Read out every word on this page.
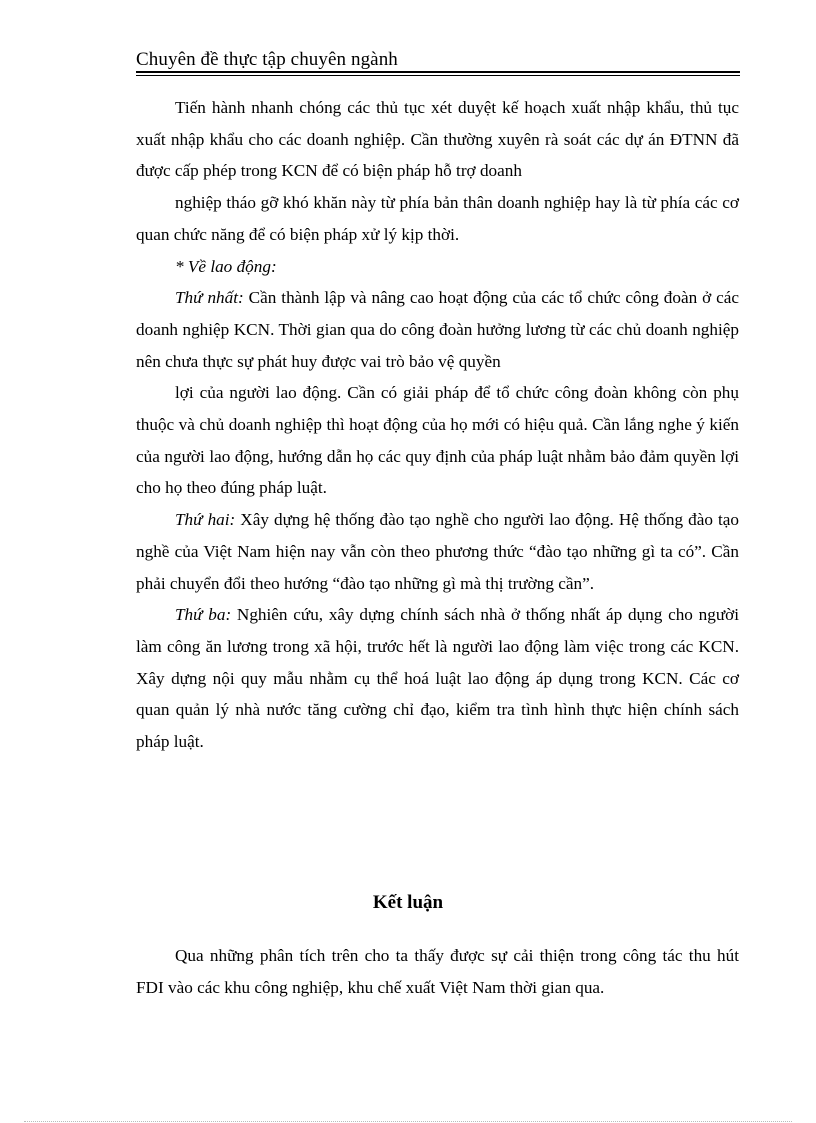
Chuyên đề thực tập chuyên ngành

Tiến hành nhanh chóng các thủ tục xét duyệt kế hoạch xuất nhập khẩu, thủ tục xuất nhập khẩu cho các doanh nghiệp. Cần thường xuyên rà soát các dự án ĐTNN đã được cấp phép trong KCN để có biện pháp hỗ trợ doanh

nghiệp tháo gỡ khó khăn này từ phía bản thân doanh nghiệp hay là từ phía các cơ quan chức năng để có biện pháp xử lý kịp thời.

* Về lao động:

Thứ nhất: Cần thành lập và nâng cao hoạt động của các tổ chức công đoàn ở các doanh nghiệp KCN. Thời gian qua do công đoàn hưởng lương từ các chủ doanh nghiệp nên chưa thực sự phát huy được vai trò bảo vệ quyền

lợi của người lao động. Cần có giải pháp để tổ chức công đoàn không còn phụ thuộc và chủ doanh nghiệp thì hoạt động của họ mới có hiệu quả. Cần lắng nghe ý kiến của người lao động, hướng dẫn họ các quy định của pháp luật nhằm bảo đảm quyền lợi cho họ theo đúng pháp luật.

Thứ hai: Xây dựng hệ thống đào tạo nghề cho người lao động. Hệ thống đào tạo nghề của Việt Nam hiện nay vẫn còn theo phương thức “đào tạo những gì ta có”. Cần phải chuyển đổi theo hướng “đào tạo những gì mà thị trường cần”.

Thứ ba: Nghiên cứu, xây dựng chính sách nhà ở thống nhất áp dụng cho người làm công ăn lương trong xã hội, trước hết là người lao động làm việc trong các KCN. Xây dựng nội quy mẫu nhằm cụ thể hoá luật lao động áp dụng trong KCN. Các cơ quan quản lý nhà nước tăng cường chỉ đạo, kiểm tra tình hình thực hiện chính sách pháp luật.

Kết luận

Qua những phân tích trên cho ta thấy được sự cải thiện trong công tác thu hút FDI vào các khu công nghiệp, khu chế xuất Việt Nam thời gian qua.
